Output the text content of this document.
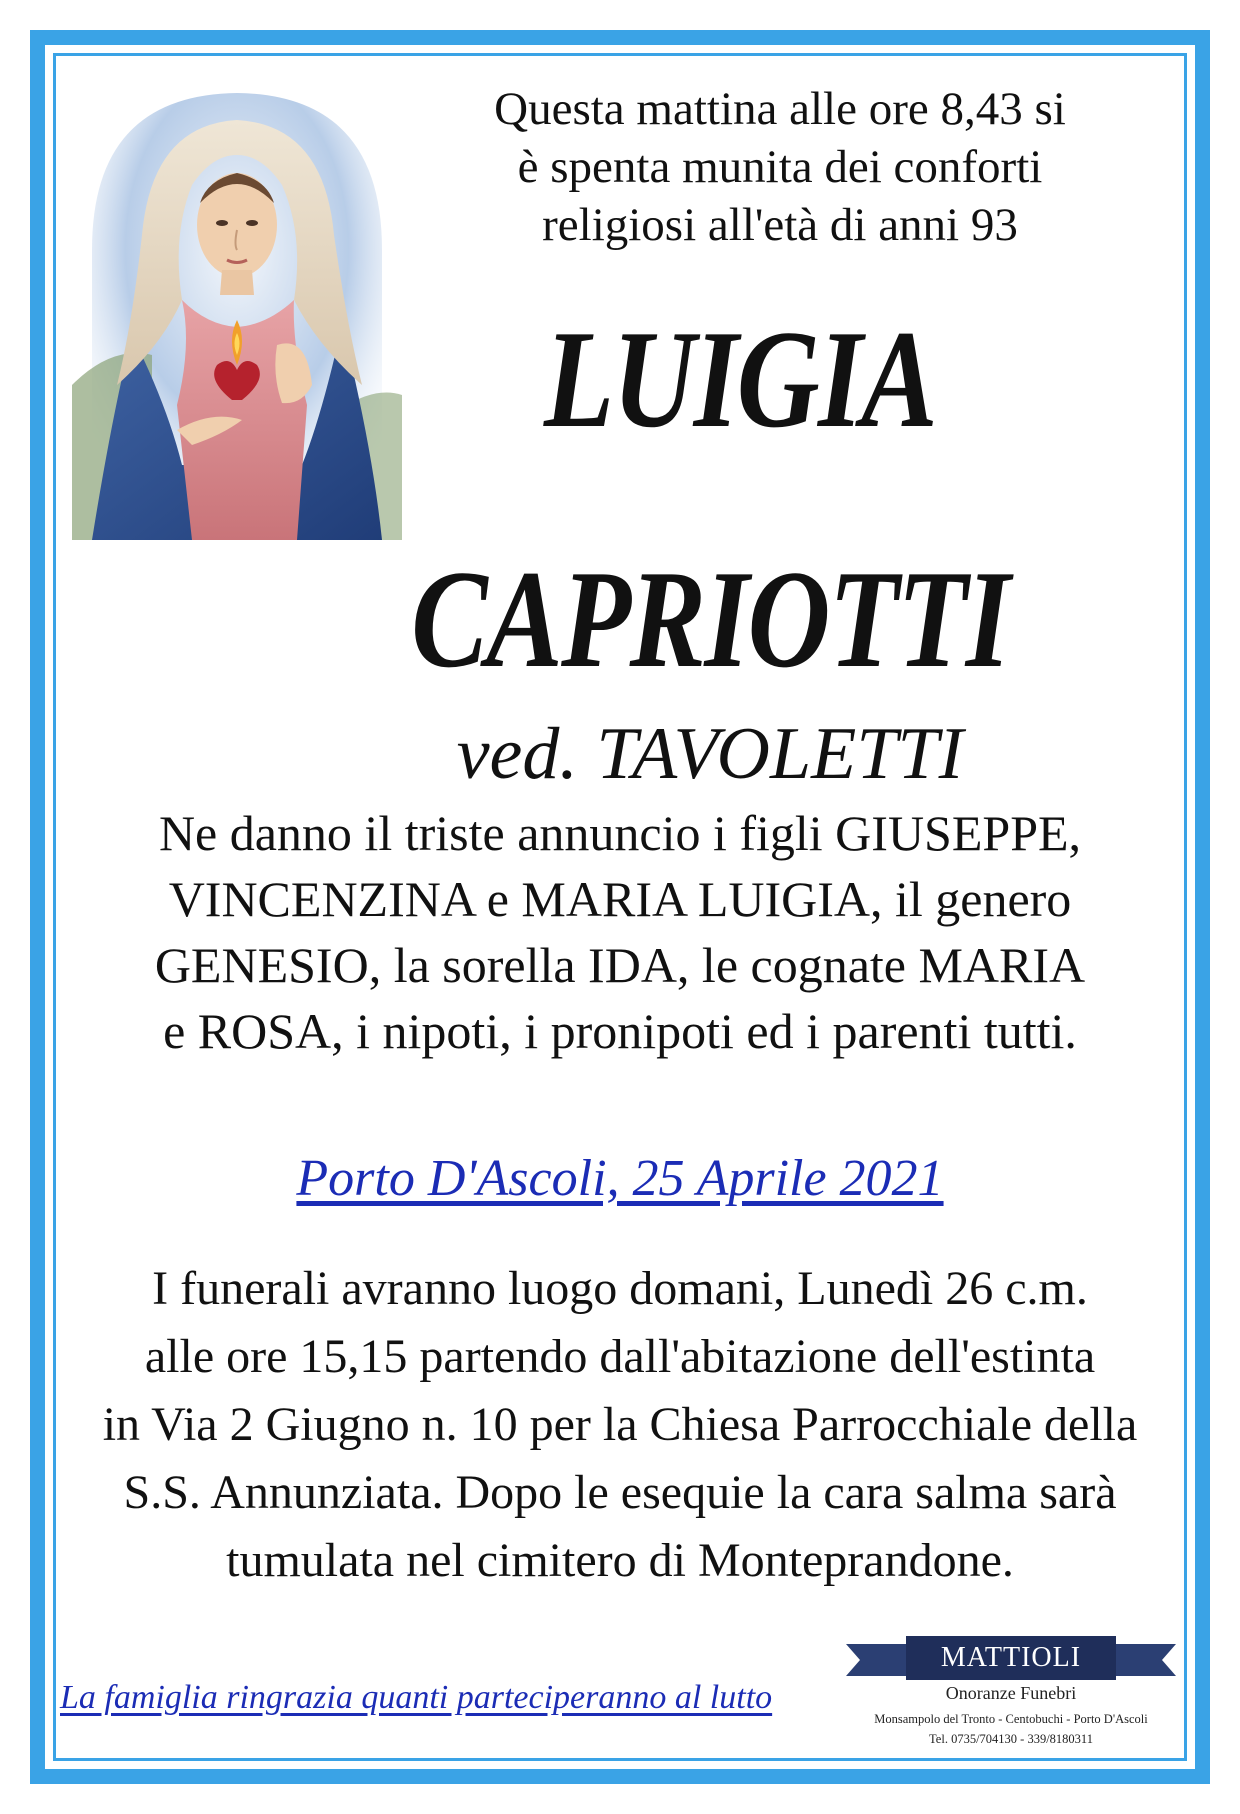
Questa mattina alle ore 8,43 si
è spenta munita dei conforti
religiosi all'età di anni 93
LUIGIA
CAPRIOTTI
ved. TAVOLETTI
Ne danno il triste annuncio i figli GIUSEPPE,
VINCENZINA e MARIA LUIGIA, il genero
GENESIO, la sorella IDA, le cognate MARIA
e ROSA, i nipoti, i pronipoti ed i parenti tutti.
Porto D'Ascoli, 25 Aprile 2021
I funerali avranno luogo domani, Lunedì 26 c.m.
alle ore 15,15 partendo dall'abitazione dell'estinta
in Via 2 Giugno n. 10 per la Chiesa Parrocchiale della
S.S. Annunziata. Dopo le esequie la cara salma sarà
tumulata nel cimitero di Monteprandone.
La famiglia ringrazia quanti parteciperanno al lutto
MATTIOLI
Onoranze Funebri
Monsampolo del Tronto - Centobuchi - Porto D'Ascoli
Tel. 0735/704130 - 339/8180311
